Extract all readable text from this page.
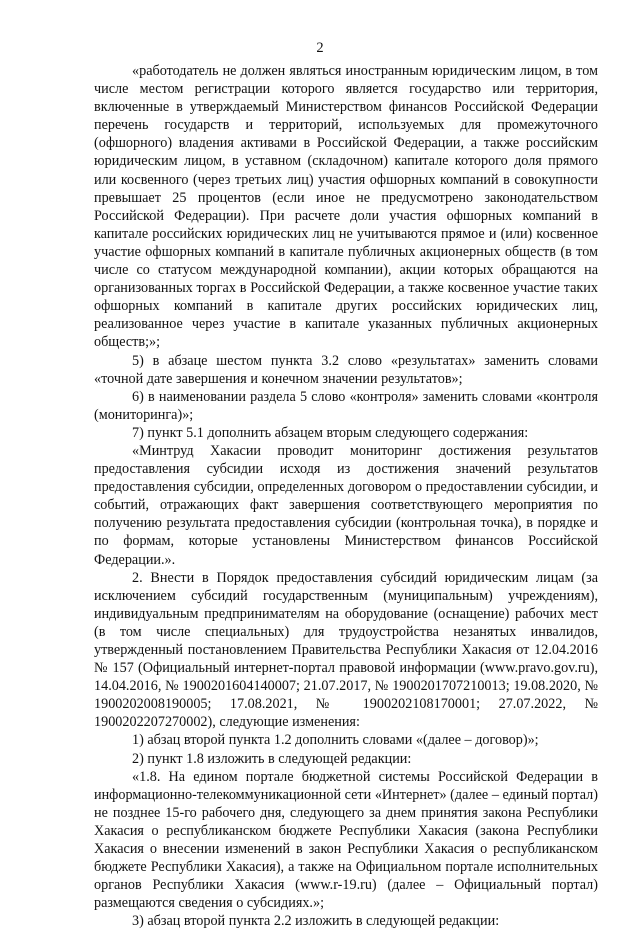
2

«работодатель не должен являться иностранным юридическим лицом, в том числе местом регистрации которого является государство или территория, включенные в утверждаемый Министерством финансов Российской Федерации перечень государств и территорий, используемых для промежуточного (офшорного) владения активами в Российской Федерации, а также российским юридическим лицом, в уставном (складочном) капитале которого доля прямого или косвенного (через третьих лиц) участия офшорных компаний в совокупности превышает 25 процентов (если иное не предусмотрено законодательством Российской Федерации). При расчете доли участия офшорных компаний в капитале российских юридических лиц не учитываются прямое и (или) косвенное участие офшорных компаний в капитале публичных акционерных обществ (в том числе со статусом международной компании), акции которых обращаются на организованных торгах в Российской Федерации, а также косвенное участие таких офшорных компаний в капитале других российских юридических лиц, реализованное через участие в капитале указанных публичных акционерных обществ;»;

5) в абзаце шестом пункта 3.2 слово «результатах» заменить словами «точной дате завершения и конечном значении результатов»;

6) в наименовании раздела 5 слово «контроля» заменить словами «контроля (мониторинга)»;

7) пункт 5.1 дополнить абзацем вторым следующего содержания:

«Минтруд Хакасии проводит мониторинг достижения результатов предоставления субсидии исходя из достижения значений результатов предоставления субсидии, определенных договором о предоставлении субсидии, и событий, отражающих факт завершения соответствующего мероприятия по получению результата предоставления субсидии (контрольная точка), в порядке и по формам, которые установлены Министерством финансов Российской Федерации.».

2. Внести в Порядок предоставления субсидий юридическим лицам (за исключением субсидий государственным (муниципальным) учреждениям), индивидуальным предпринимателям на оборудование (оснащение) рабочих мест (в том числе специальных) для трудоустройства незанятых инвалидов, утвержденный постановлением Правительства Республики Хакасия от 12.04.2016 № 157 (Официальный интернет-портал правовой информации (www.pravo.gov.ru), 14.04.2016, № 1900201604140007; 21.07.2017, № 1900201707210013; 19.08.2020, № 1900202008190005; 17.08.2021, № 1900202108170001; 27.07.2022, № 1900202207270002), следующие изменения:

1) абзац второй пункта 1.2 дополнить словами «(далее – договор)»;

2) пункт 1.8 изложить в следующей редакции:

«1.8. На едином портале бюджетной системы Российской Федерации в информационно-телекоммуникационной сети «Интернет» (далее – единый портал) не позднее 15-го рабочего дня, следующего за днем принятия закона Республики Хакасия о республиканском бюджете Республики Хакасия (закона Республики Хакасия о внесении изменений в закон Республики Хакасия о республиканском бюджете Республики Хакасия), а также на Официальном портале исполнительных органов Республики Хакасия (www.r-19.ru) (далее – Официальный портал) размещаются сведения о субсидиях.»;

3) абзац второй пункта 2.2 изложить в следующей редакции:
